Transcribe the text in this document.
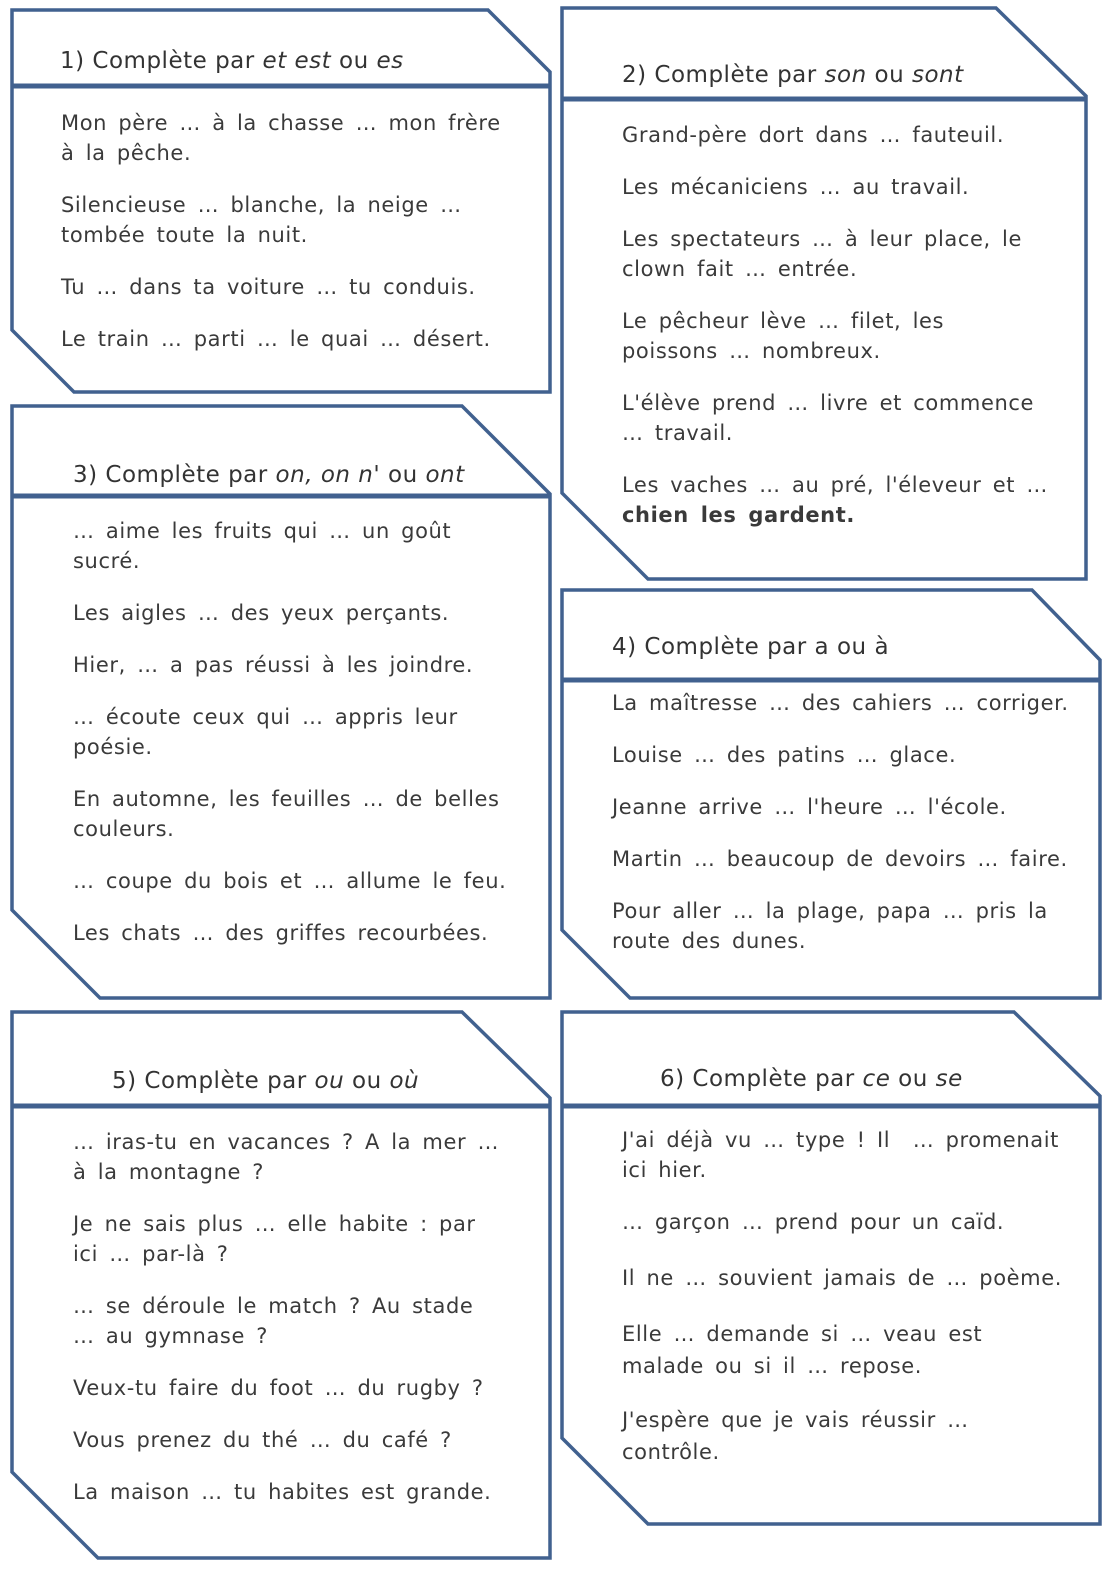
1) Complète par et est ou es
Mon père … à la chasse … mon frère
à la pêche.
Silencieuse … blanche, la neige …
tombée toute la nuit.
Tu … dans ta voiture … tu conduis.
Le train … parti … le quai … désert.
2) Complète par son ou sont
Grand-père dort dans … fauteuil.
Les mécaniciens … au travail.
Les spectateurs … à leur place, le
clown fait … entrée.
Le pêcheur lève … filet, les
poissons … nombreux.
L'élève prend … livre et commence
… travail.
Les vaches … au pré, l'éleveur et …
chien les gardent.
3) Complète par on, on n' ou ont
… aime les fruits qui … un goût
sucré.
Les aigles … des yeux perçants.
Hier, … a pas réussi à les joindre.
… écoute ceux qui … appris leur
poésie.
En automne, les feuilles … de belles
couleurs.
… coupe du bois et … allume le feu.
Les chats … des griffes recourbées.
4) Complète par a ou à
La maîtresse … des cahiers … corriger.
Louise … des patins … glace.
Jeanne arrive … l'heure … l'école.
Martin … beaucoup de devoirs … faire.
Pour aller … la plage, papa … pris la
route des dunes.
5) Complète par ou ou où
… iras-tu en vacances ? A la mer …
à la montagne ?
Je ne sais plus … elle habite : par
ici … par-là ?
… se déroule le match ? Au stade
… au gymnase ?
Veux-tu faire du foot … du rugby ?
Vous prenez du thé … du café ?
La maison … tu habites est grande.
6) Complète par ce ou se
J'ai déjà vu … type ! Il  … promenait
ici hier.
… garçon … prend pour un caïd.
Il ne … souvient jamais de … poème.
Elle … demande si … veau est
malade ou si il … repose.
J'espère que je vais réussir …
contrôle.
